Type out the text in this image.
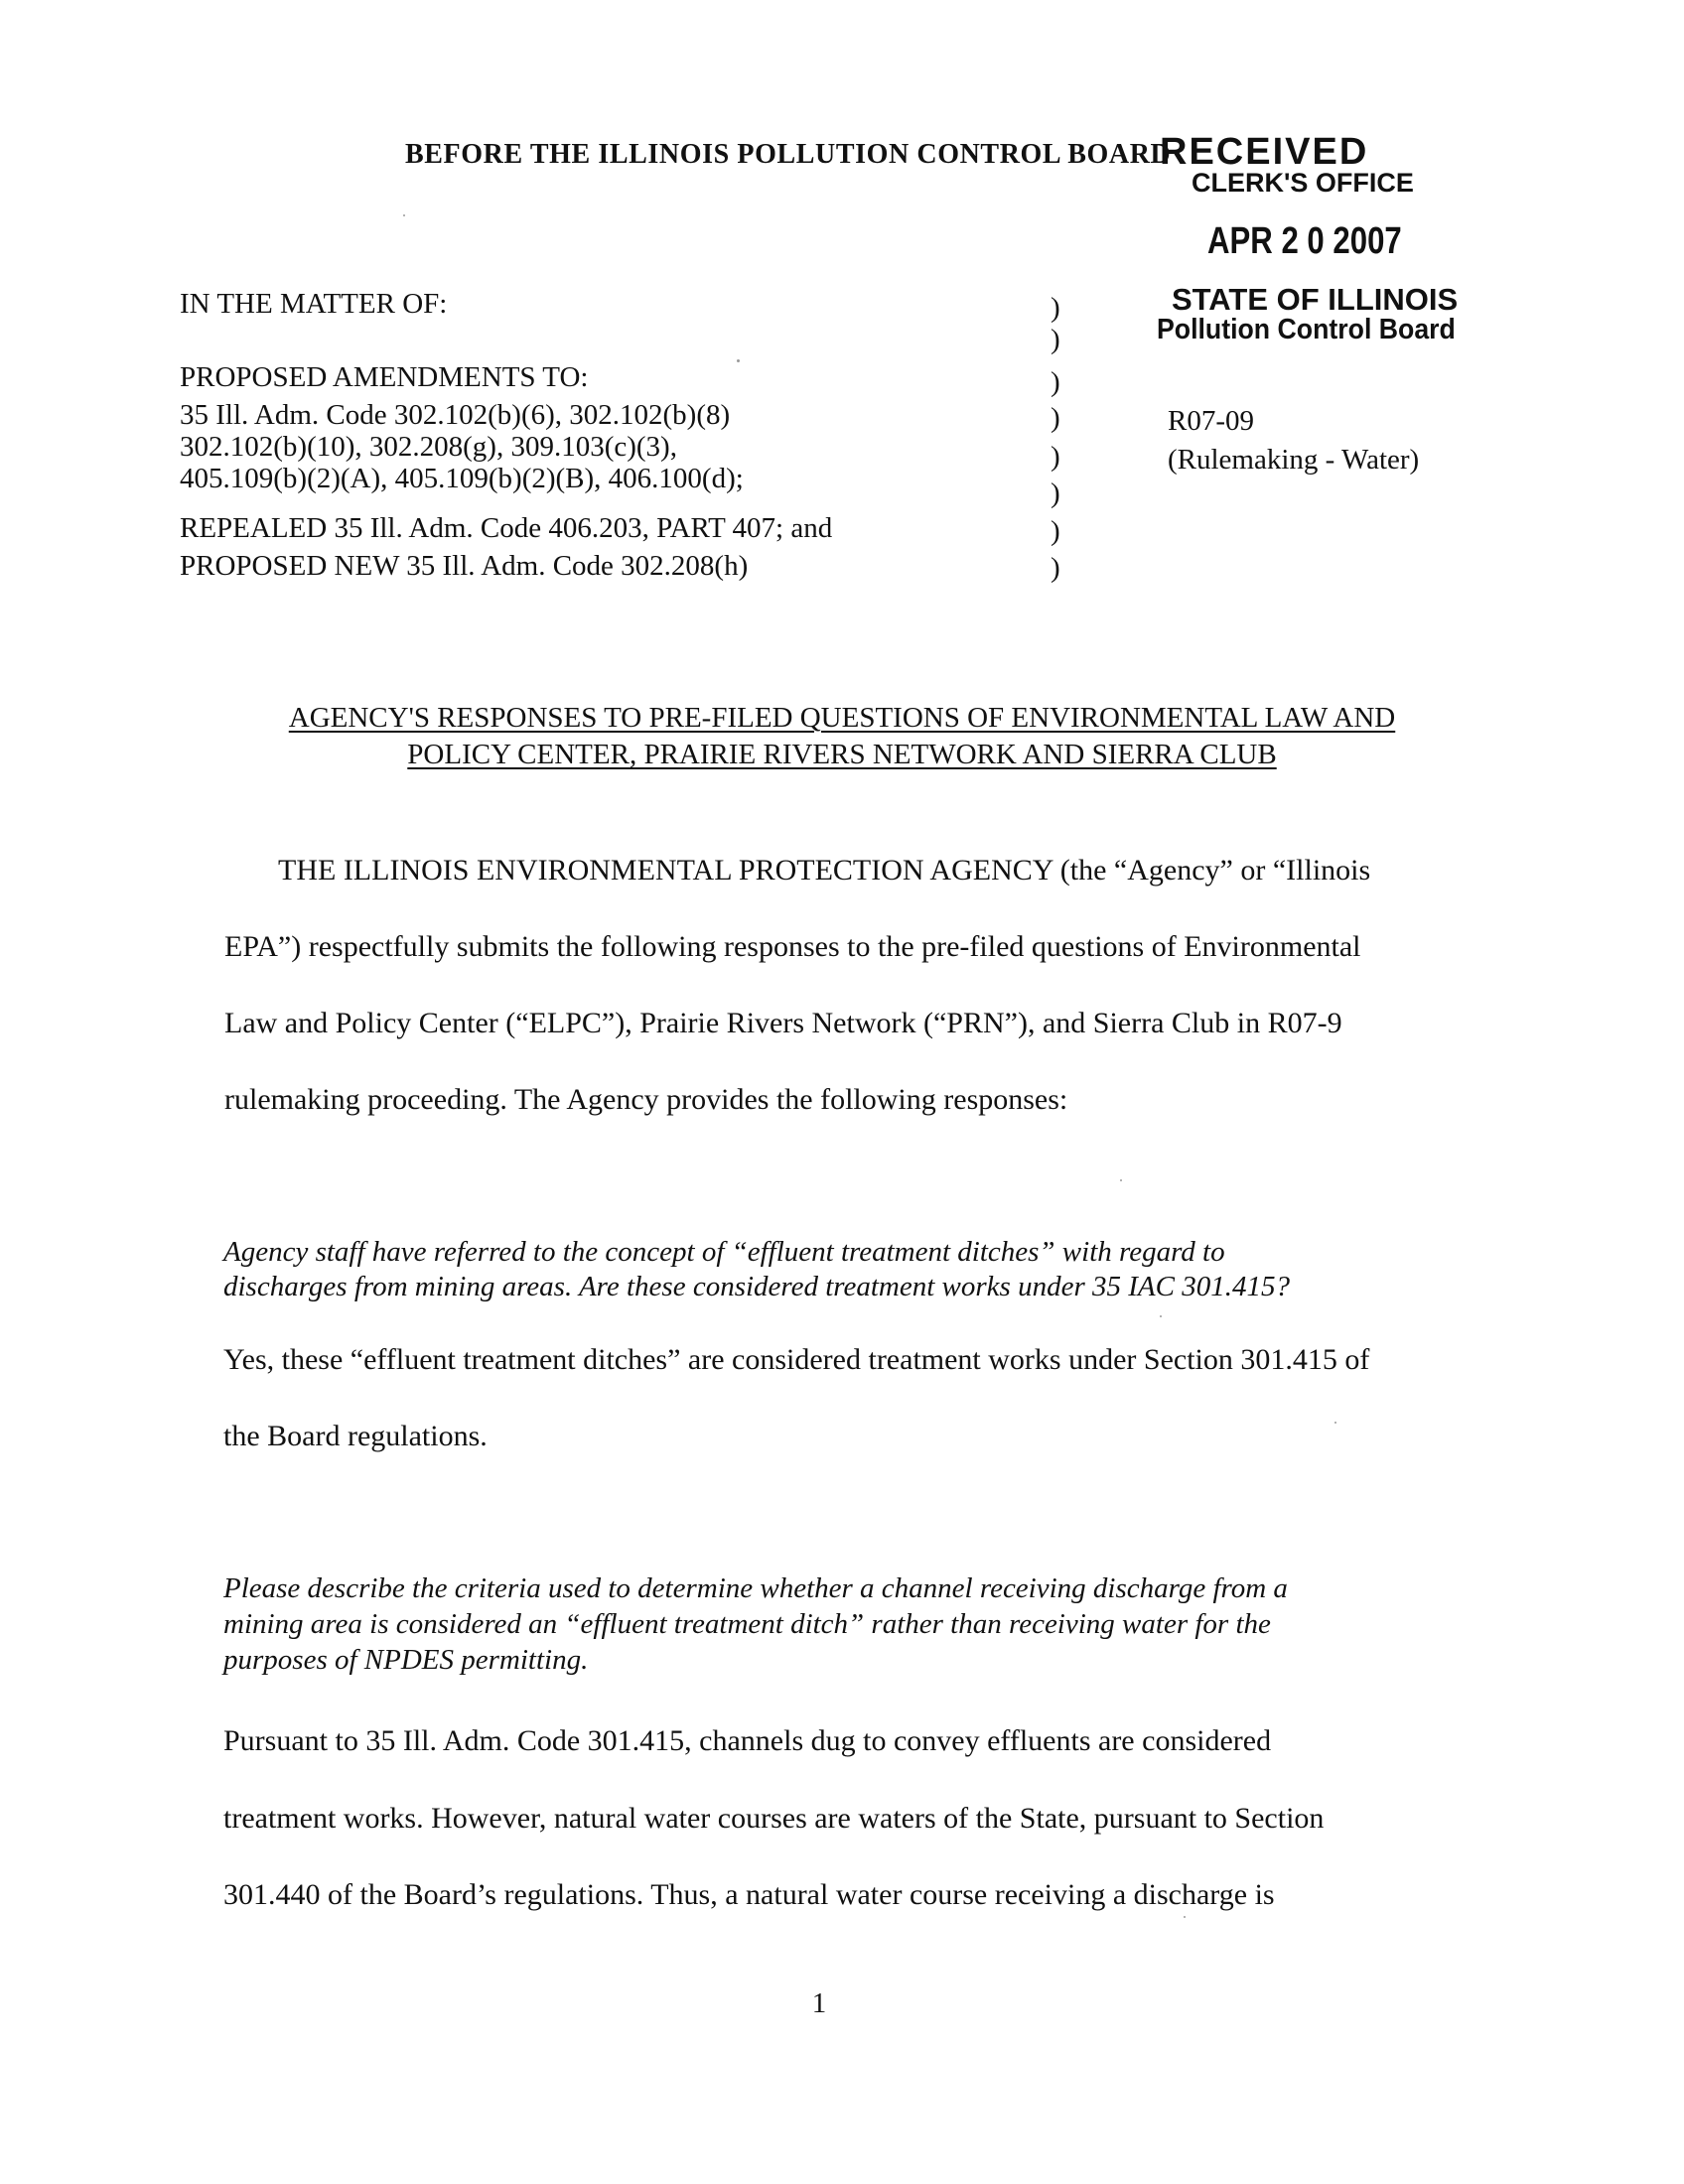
BEFORE THE ILLINOIS POLLUTION CONTROL BOARD
RECEIVED
CLERK'S OFFICE
APR 2 0 2007
STATE OF ILLINOIS
Pollution Control Board
IN THE MATTER OF:
PROPOSED AMENDMENTS TO:
35 Ill. Adm. Code 302.102(b)(6), 302.102(b)(8)
302.102(b)(10), 302.208(g), 309.103(c)(3),
405.109(b)(2)(A), 405.109(b)(2)(B), 406.100(d);
REPEALED 35 Ill. Adm. Code 406.203, PART 407; and
PROPOSED NEW 35 Ill. Adm. Code 302.208(h)
)
)
)
)
)
)
)
)
R07-09
(Rulemaking - Water)
AGENCY'S RESPONSES TO PRE-FILED QUESTIONS OF ENVIRONMENTAL LAW AND
POLICY CENTER, PRAIRIE RIVERS NETWORK AND SIERRA CLUB
THE ILLINOIS ENVIRONMENTAL PROTECTION AGENCY (the “Agency” or “Illinois
EPA”) respectfully submits the following responses to the pre-filed questions of Environmental
Law and Policy Center (“ELPC”), Prairie Rivers Network (“PRN”), and Sierra Club in R07-9
rulemaking proceeding. The Agency provides the following responses:
Agency staff have referred to the concept of “effluent treatment ditches” with regard to
discharges from mining areas. Are these considered treatment works under 35 IAC 301.415?
Yes, these “effluent treatment ditches” are considered treatment works under Section 301.415 of
the Board regulations.
Please describe the criteria used to determine whether a channel receiving discharge from a
mining area is considered an “effluent treatment ditch” rather than receiving water for the
purposes of NPDES permitting.
Pursuant to 35 Ill. Adm. Code 301.415, channels dug to convey effluents are considered
treatment works. However, natural water courses are waters of the State, pursuant to Section
301.440 of the Board’s regulations. Thus, a natural water course receiving a discharge is
1
